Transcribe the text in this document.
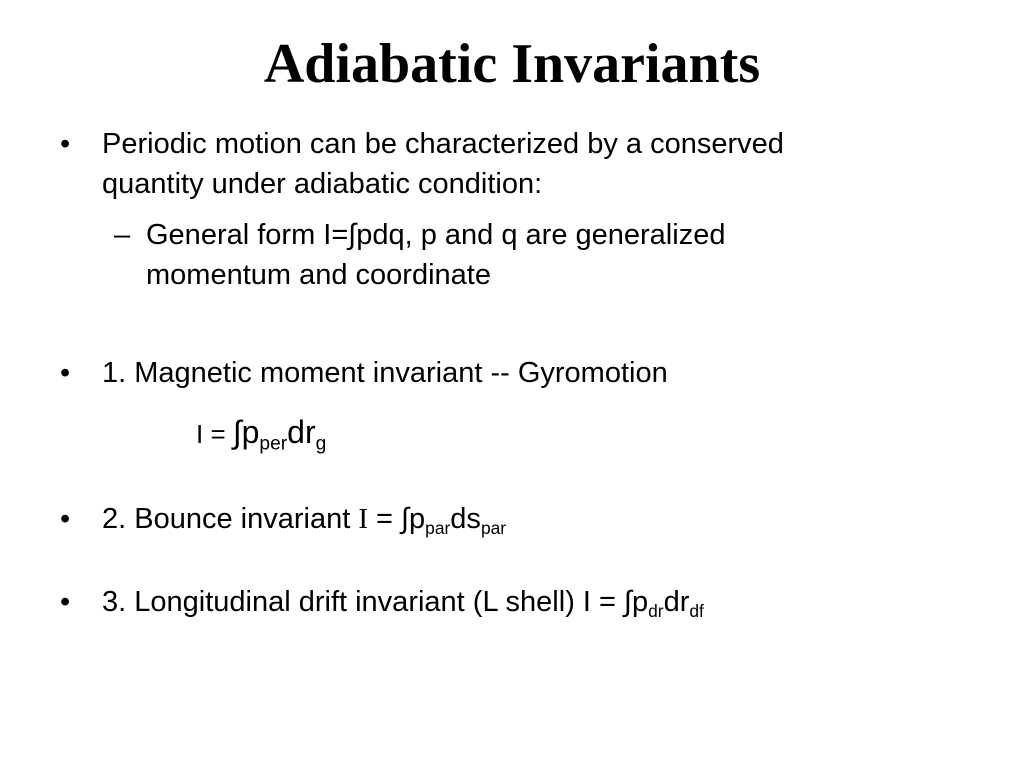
Adiabatic Invariants
•	Periodic motion can be characterized by a conserved
quantity under adiabatic condition:
– General form I=∫pdq, p and q are generalized
momentum and coordinate
•	1. Magnetic moment invariant -- Gyromotion
$I = \int p_{per}dr_g$
•	2. Bounce invariant $I = \int p_{par}ds_{par}$
•	3. Longitudinal drift invariant (L shell) $I = \int p_{dr}dr_{df}$
